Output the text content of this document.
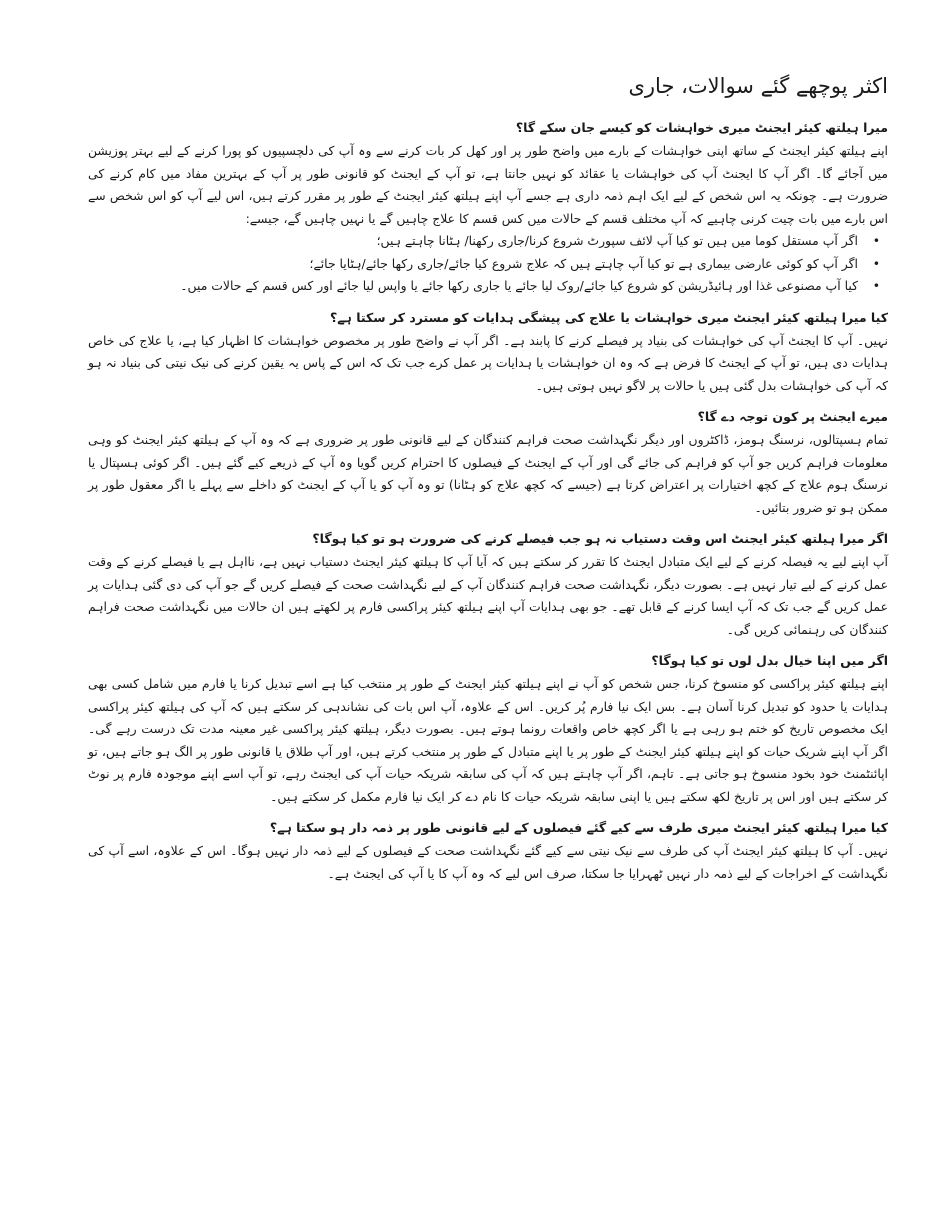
اکثر پوچھے گئے سوالات، جاری
میرا ہیلتھ کیئر ایجنٹ میری خواہشات کو کیسے جان سکے گا؟

اپنے ہیلتھ کیئر ایجنٹ کے ساتھ اپنی خواہشات کے بارے میں واضح طور پر اور کھل کر بات کرنے سے وہ آپ کی دلچسپیوں کو پورا کرنے کے لیے بہتر پوزیشن میں آجائے گا۔ اگر آپ کا ایجنٹ آپ کی خواہشات یا عقائد کو نہیں جانتا ہے، تو آپ کے ایجنٹ کو قانونی طور پر آپ کے بہترین مفاد میں کام کرنے کی ضرورت ہے۔ چونکہ یہ اس شخص کے لیے ایک اہم ذمہ داری ہے جسے آپ اپنے ہیلتھ کیئر ایجنٹ کے طور پر مقرر کرتے ہیں، اس لیے آپ کو اس شخص سے اس بارے میں بات چیت کرنی چاہیے کہ آپ مختلف قسم کے حالات میں کس قسم کا علاج چاہیں گے یا نہیں چاہیں گے، جیسے:

• اگر آپ مستقل کوما میں ہیں تو کیا آپ لائف سپورٹ شروع کرنا/جاری رکھنا/ ہٹانا چاہتے ہیں؛
• اگر آپ کو کوئی عارضی بیماری ہے تو کیا آپ چاہتے ہیں کہ علاج شروع کیا جائے/جاری رکھا جائے/ہٹایا جائے؛
• کیا آپ مصنوعی غذا اور ہائیڈریشن کو شروع کیا جائے/روک لیا جائے یا جاری رکھا جائے یا واپس لیا جائے اور کس قسم کے حالات میں۔
کیا میرا ہیلتھ کیئر ایجنٹ میری خواہشات یا علاج کی پیشگی ہدایات کو مسترد کر سکتا ہے؟

نہیں۔ آپ کا ایجنٹ آپ کی خواہشات کی بنیاد پر فیصلے کرنے کا پابند ہے۔ اگر آپ نے واضح طور پر مخصوص خواہشات کا اظہار کیا ہے، یا علاج کی خاص ہدایات دی ہیں، تو آپ کے ایجنٹ کا فرض ہے کہ وہ ان خواہشات یا ہدایات پر عمل کرے جب تک کہ اس کے پاس یہ یقین کرنے کی نیک نیتی کی بنیاد نہ ہو کہ آپ کی خواہشات بدل گئی ہیں یا حالات پر لاگو نہیں ہوتی ہیں۔

میرے ایجنٹ پر کون توجہ دے گا؟

تمام ہسپتالوں، نرسنگ ہومز، ڈاکٹروں اور دیگر نگہداشت صحت فراہم کنندگان کے لیے قانونی طور پر ضروری ہے کہ وہ آپ کے ہیلتھ کیئر ایجنٹ کو وہی معلومات فراہم کریں جو آپ کو فراہم کی جائے گی اور آپ کے ایجنٹ کے فیصلوں کا احترام کریں گویا وہ آپ کے ذریعے کیے گئے ہیں۔ اگر کوئی ہسپتال یا نرسنگ ہوم علاج کے کچھ اختیارات پر اعتراض کرتا ہے (جیسے کہ کچھ علاج کو ہٹانا) تو وہ آپ کو یا آپ کے ایجنٹ کو داخلے سے پہلے یا اگر معقول طور پر ممکن ہو تو ضرور بتائیں۔

اگر میرا ہیلتھ کیئر ایجنٹ اس وقت دستیاب نہ ہو جب فیصلے کرنے کی ضرورت ہو تو کیا ہوگا؟

آپ اپنے لیے یہ فیصلہ کرنے کے لیے ایک متبادل ایجنٹ کا تقرر کر سکتے ہیں کہ آیا آپ کا ہیلتھ کیئر ایجنٹ دستیاب نہیں ہے، نااہل ہے یا فیصلے کرنے کے وقت عمل کرنے کے لیے تیار نہیں ہے۔ بصورت دیگر، نگہداشت صحت فراہم کنندگان آپ کے لیے نگہداشت صحت کے فیصلے کریں گے جو آپ کی دی گئی ہدایات پر عمل کریں گے جب تک کہ آپ ایسا کرنے کے قابل تھے۔ جو بھی ہدایات آپ اپنے ہیلتھ کیئر پراکسی فارم پر لکھتے ہیں ان حالات میں نگہداشت صحت فراہم کنندگان کی رہنمائی کریں گی۔

اگر میں اپنا خیال بدل لوں تو کیا ہوگا؟

اپنے ہیلتھ کیئر پراکسی کو منسوخ کرنا، جس شخص کو آپ نے اپنے ہیلتھ کیئر ایجنٹ کے طور پر منتخب کیا ہے اسے تبدیل کرنا یا فارم میں شامل کسی بھی ہدایات یا حدود کو تبدیل کرنا آسان ہے۔ بس ایک نیا فارم پُر کریں۔ اس کے علاوہ، آپ اس بات کی نشاندہی کر سکتے ہیں کہ آپ کی ہیلتھ کیئر پراکسی ایک مخصوص تاریخ کو ختم ہو رہی ہے یا اگر کچھ خاص واقعات رونما ہوتے ہیں۔ بصورت دیگر، ہیلتھ کیئر پراکسی غیر معینہ مدت تک درست رہے گی۔ اگر آپ اپنے شریک حیات کو اپنے ہیلتھ کیئر ایجنٹ کے طور پر یا اپنے متبادل کے طور پر منتخب کرتے ہیں، اور آپ طلاق یا قانونی طور پر الگ ہو جاتے ہیں، تو اپائنٹمنٹ خود بخود منسوخ ہو جاتی ہے۔ تاہم، اگر آپ چاہتے ہیں کہ آپ کی سابقہ شریکہ حیات آپ کی ایجنٹ رہے، تو آپ اسے اپنے موجودہ فارم پر نوٹ کر سکتے ہیں اور اس پر تاریخ لکھ سکتے ہیں یا اپنی سابقہ شریکہ حیات کا نام دے کر ایک نیا فارم مکمل کر سکتے ہیں۔

کیا میرا ہیلتھ کیئر ایجنٹ میری طرف سے کیے گئے فیصلوں کے لیے قانونی طور پر ذمہ دار ہو سکتا ہے؟

نہیں۔ آپ کا ہیلتھ کیئر ایجنٹ آپ کی طرف سے نیک نیتی سے کیے گئے نگہداشت صحت کے فیصلوں کے لیے ذمہ دار نہیں ہوگا۔ اس کے علاوہ، اسے آپ کی نگہداشت کے اخراجات کے لیے ذمہ دار نہیں ٹھہرایا جا سکتا، صرف اس لیے کہ وہ آپ کا یا آپ کی ایجنٹ ہے۔
